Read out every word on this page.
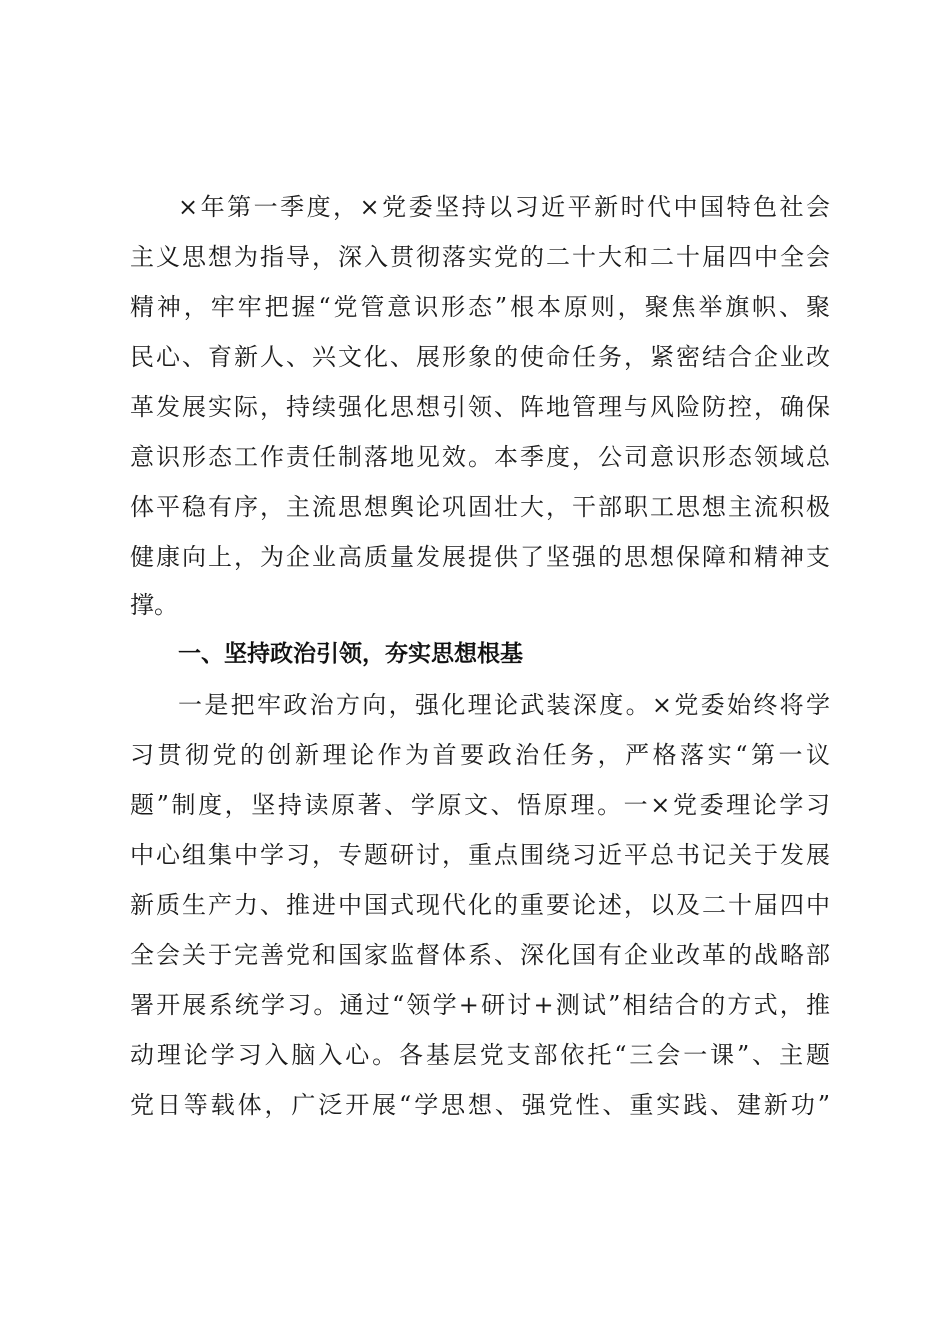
×年第一季度，×党委坚持以习近平新时代中国特色社会
主义思想为指导，深入贯彻落实党的二十大和二十届四中全会
精神，牢牢把握“党管意识形态”根本原则，聚焦举旗帜、聚
民心、育新人、兴文化、展形象的使命任务，紧密结合企业改
革发展实际，持续强化思想引领、阵地管理与风险防控，确保
意识形态工作责任制落地见效。本季度，公司意识形态领域总
体平稳有序，主流思想舆论巩固壮大，干部职工思想主流积极
健康向上，为企业高质量发展提供了坚强的思想保障和精神支
撑。
一、坚持政治引领，夯实思想根基
一是把牢政治方向，强化理论武装深度。×党委始终将学
习贯彻党的创新理论作为首要政治任务，严格落实“第一议
题”制度，坚持读原著、学原文、悟原理。一×党委理论学习
中心组集中学习，专题研讨，重点围绕习近平总书记关于发展
新质生产力、推进中国式现代化的重要论述，以及二十届四中
全会关于完善党和国家监督体系、深化国有企业改革的战略部
署开展系统学习。通过“领学+研讨+测试”相结合的方式，推
动理论学习入脑入心。各基层党支部依托“三会一课”、主题
党日等载体，广泛开展“学思想、强党性、重实践、建新功”
